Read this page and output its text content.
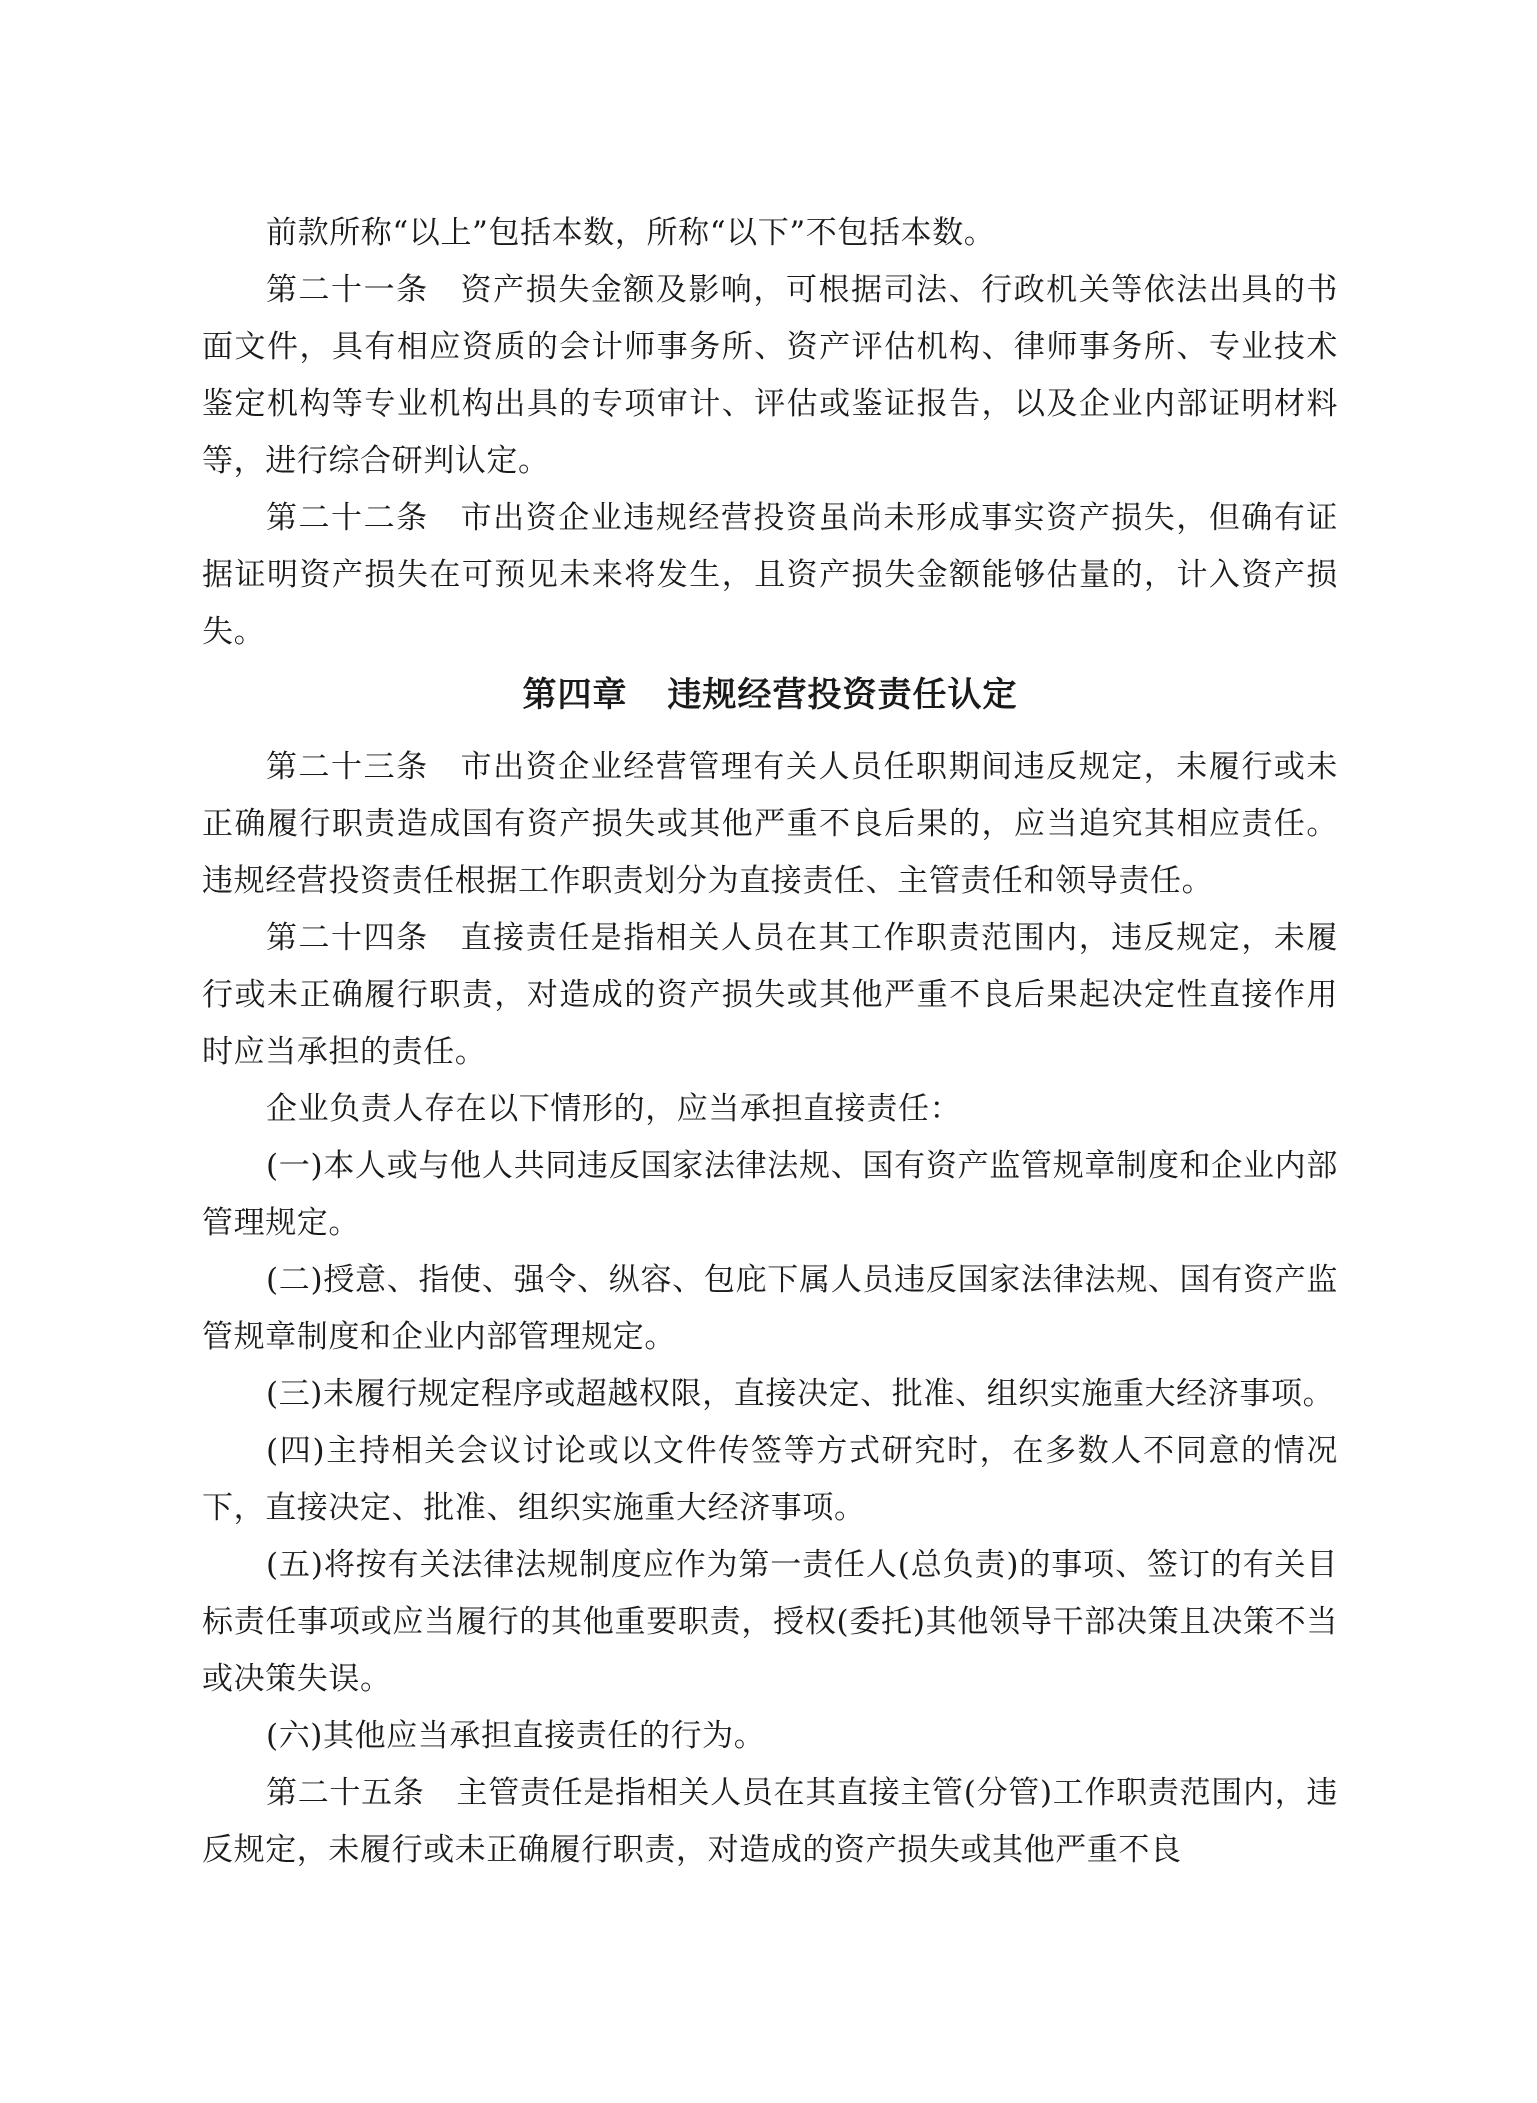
前款所称“以上”包括本数，所称“以下”不包括本数。

第二十一条 资产损失金额及影响，可根据司法、行政机关等依法出具的书面文件，具有相应资质的会计师事务所、资产评估机构、律师事务所、专业技术鉴定机构等专业机构出具的专项审计、评估或鉴证报告，以及企业内部证明材料等，进行综合研判认定。

第二十二条 市出资企业违规经营投资虽尚未形成事实资产损失，但确有证据证明资产损失在可预见未来将发生，且资产损失金额能够估量的，计入资产损失。

第四章 违规经营投资责任认定

第二十三条 市出资企业经营管理有关人员任职期间违反规定，未履行或未正确履行职责造成国有资产损失或其他严重不良后果的，应当追究其相应责任。违规经营投资责任根据工作职责划分为直接责任、主管责任和领导责任。

第二十四条 直接责任是指相关人员在其工作职责范围内，违反规定，未履行或未正确履行职责，对造成的资产损失或其他严重不良后果起决定性直接作用时应当承担的责任。

企业负责人存在以下情形的，应当承担直接责任：

(一)本人或与他人共同违反国家法律法规、国有资产监管规章制度和企业内部管理规定。

(二)授意、指使、强令、纵容、包庇下属人员违反国家法律法规、国有资产监管规章制度和企业内部管理规定。

(三)未履行规定程序或超越权限，直接决定、批准、组织实施重大经济事项。

(四)主持相关会议讨论或以文件传签等方式研究时，在多数人不同意的情况下，直接决定、批准、组织实施重大经济事项。

(五)将按有关法律法规制度应作为第一责任人(总负责)的事项、签订的有关目标责任事项或应当履行的其他重要职责，授权(委托)其他领导干部决策且决策不当或决策失误。

(六)其他应当承担直接责任的行为。

第二十五条 主管责任是指相关人员在其直接主管(分管)工作职责范围内，违反规定，未履行或未正确履行职责，对造成的资产损失或其他严重不良
